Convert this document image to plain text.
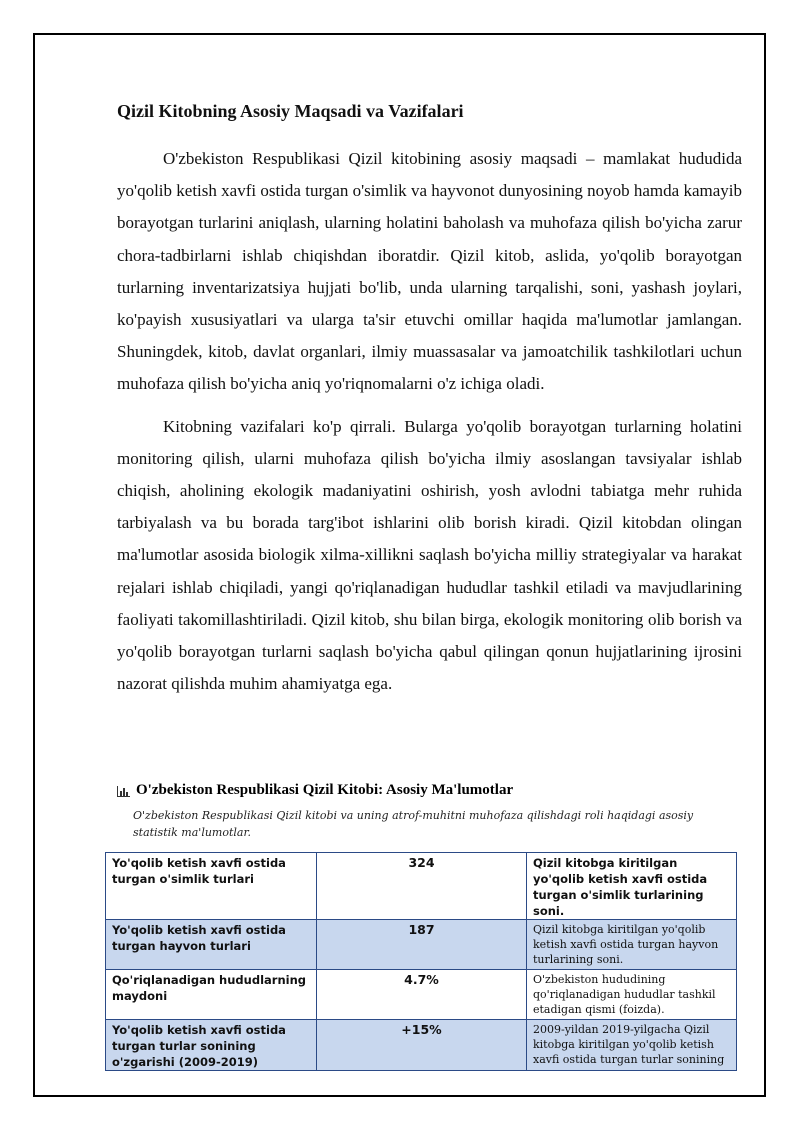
Qizil Kitobning Asosiy Maqsadi va Vazifalari

O'zbekiston Respublikasi Qizil kitobining asosiy maqsadi – mamlakat hududida yo'qolib ketish xavfi ostida turgan o'simlik va hayvonot dunyosining noyob hamda kamayib borayotgan turlarini aniqlash, ularning holatini baholash va muhofaza qilish bo'yicha zarur chora-tadbirlarni ishlab chiqishdan iboratdir. Qizil kitob, aslida, yo'qolib borayotgan turlarning inventarizatsiya hujjati bo'lib, unda ularning tarqalishi, soni, yashash joylari, ko'payish xususiyatlari va ularga ta'sir etuvchi omillar haqida ma'lumotlar jamlangan. Shuningdek, kitob, davlat organlari, ilmiy muassasalar va jamoatchilik tashkilotlari uchun muhofaza qilish bo'yicha aniq yo'riqnomalarni o'z ichiga oladi.

Kitobning vazifalari ko'p qirrali. Bularga yo'qolib borayotgan turlarning holatini monitoring qilish, ularni muhofaza qilish bo'yicha ilmiy asoslangan tavsiyalar ishlab chiqish, aholining ekologik madaniyatini oshirish, yosh avlodni tabiatga mehr ruhida tarbiyalash va bu borada targ'ibot ishlarini olib borish kiradi. Qizil kitobdan olingan ma'lumotlar asosida biologik xilma-xillikni saqlash bo'yicha milliy strategiyalar va harakat rejalari ishlab chiqiladi, yangi qo'riqlanadigan hududlar tashkil etiladi va mavjudlarining faoliyati takomillashtiriladi. Qizil kitob, shu bilan birga, ekologik monitoring olib borish va yo'qolib borayotgan turlarni saqlash bo'yicha qabul qilingan qonun hujjatlarining ijrosini nazorat qilishda muhim ahamiyatga ega.

O'zbekiston Respublikasi Qizil Kitobi: Asosiy Ma'lumotlar
O'zbekiston Respublikasi Qizil kitobi va uning atrof-muhitni muhofaza qilishdagi roli haqidagi asosiy statistik ma'lumotlar.
Yo'qolib ketish xavfi ostida turgan o'simlik turlari	324	Qizil kitobga kiritilgan yo'qolib ketish xavfi ostida turgan o'simlik turlarining soni.
Yo'qolib ketish xavfi ostida turgan hayvon turlari	187	Qizil kitobga kiritilgan yo'qolib ketish xavfi ostida turgan hayvon turlarining soni.
Qo'riqlanadigan hududlarning maydoni	4.7%	O'zbekiston hududining qo'riqlanadigan hududlar tashkil etadigan qismi (foizda).
Yo'qolib ketish xavfi ostida turgan turlar sonining o'zgarishi (2009-2019)	+15%	2009-yildan 2019-yilgacha Qizil kitobga kiritilgan yo'qolib ketish xavfi ostida turgan turlar sonining
